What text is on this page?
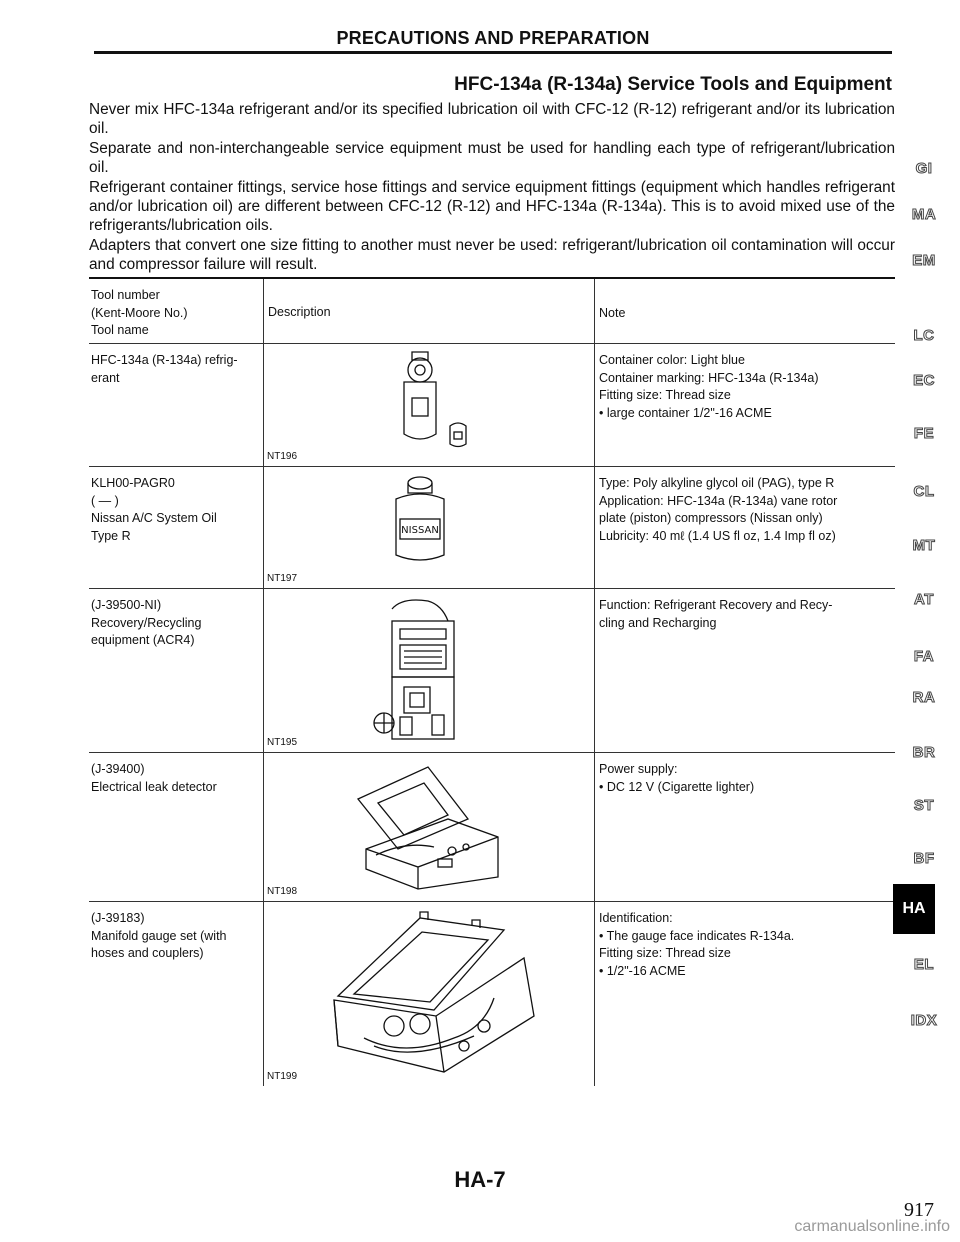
PRECAUTIONS AND PREPARATION
HFC-134a (R-134a) Service Tools and Equipment

Never mix HFC-134a refrigerant and/or its specified lubrication oil with CFC-12 (R-12) refrigerant and/or its lubrication oil.

Separate and non-interchangeable service equipment must be used for handling each type of refrigerant/lubrication oil.

Refrigerant container fittings, service hose fittings and service equipment fittings (equipment which handles refrigerant and/or lubrication oil) are different between CFC-12 (R-12) and HFC-134a (R-134a). This is to avoid mixed use of the refrigerants/lubrication oils.

Adapters that convert one size fitting to another must never be used: refrigerant/lubrication oil contamination will occur and compressor failure will result.

Tool number
(Kent-Moore No.)
Tool name
Description	Note
HFC-134a (R-134a) refrig-
erant
NT196
Container color: Light blue
Container marking: HFC-134a (R-134a)
Fitting size: Thread size
• large container 1/2"-16 ACME
KLH00-PAGR0
( — )
Nissan A/C System Oil
Type R	NISSAN
NT197
Type: Poly alkyline glycol oil (PAG), type R
Application: HFC-134a (R-134a) vane rotor
plate (piston) compressors (Nissan only)
Lubricity: 40 mℓ (1.4 US fl oz, 1.4 Imp fl oz)
(J-39500-NI)
Recovery/Recycling
equipment (ACR4)
NT195
Function: Refrigerant Recovery and Recy-
cling and Recharging
(J-39400)
Electrical leak detector
NT198
Power supply:
• DC 12 V (Cigarette lighter)
(J-39183)
Manifold gauge set (with
hoses and couplers)
NT199
Identification:
• The gauge face indicates R-134a.
Fitting size: Thread size
• 1/2"-16 ACME
GI
MA
EM
LC
EC
FE
CL
MT
AT
FA
RA
BR
ST
BF
HA
EL
IDX
HA-7
917
carmanualsonline.info
